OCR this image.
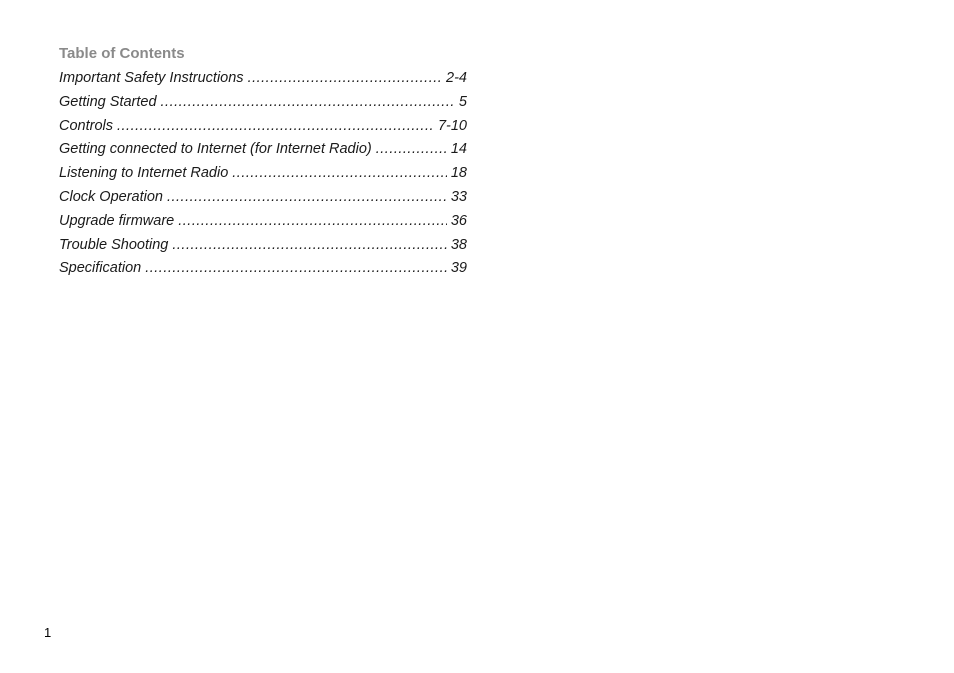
Table of Contents
Important Safety Instructions .....	2-4
Getting Started .....	5
Controls .....	7-10
Getting connected to Internet (for Internet Radio) .....	14
Listening to Internet Radio .....	18
Clock Operation .....	33
Upgrade firmware .....	36
Trouble Shooting .....	38
Specification .....	39
1
